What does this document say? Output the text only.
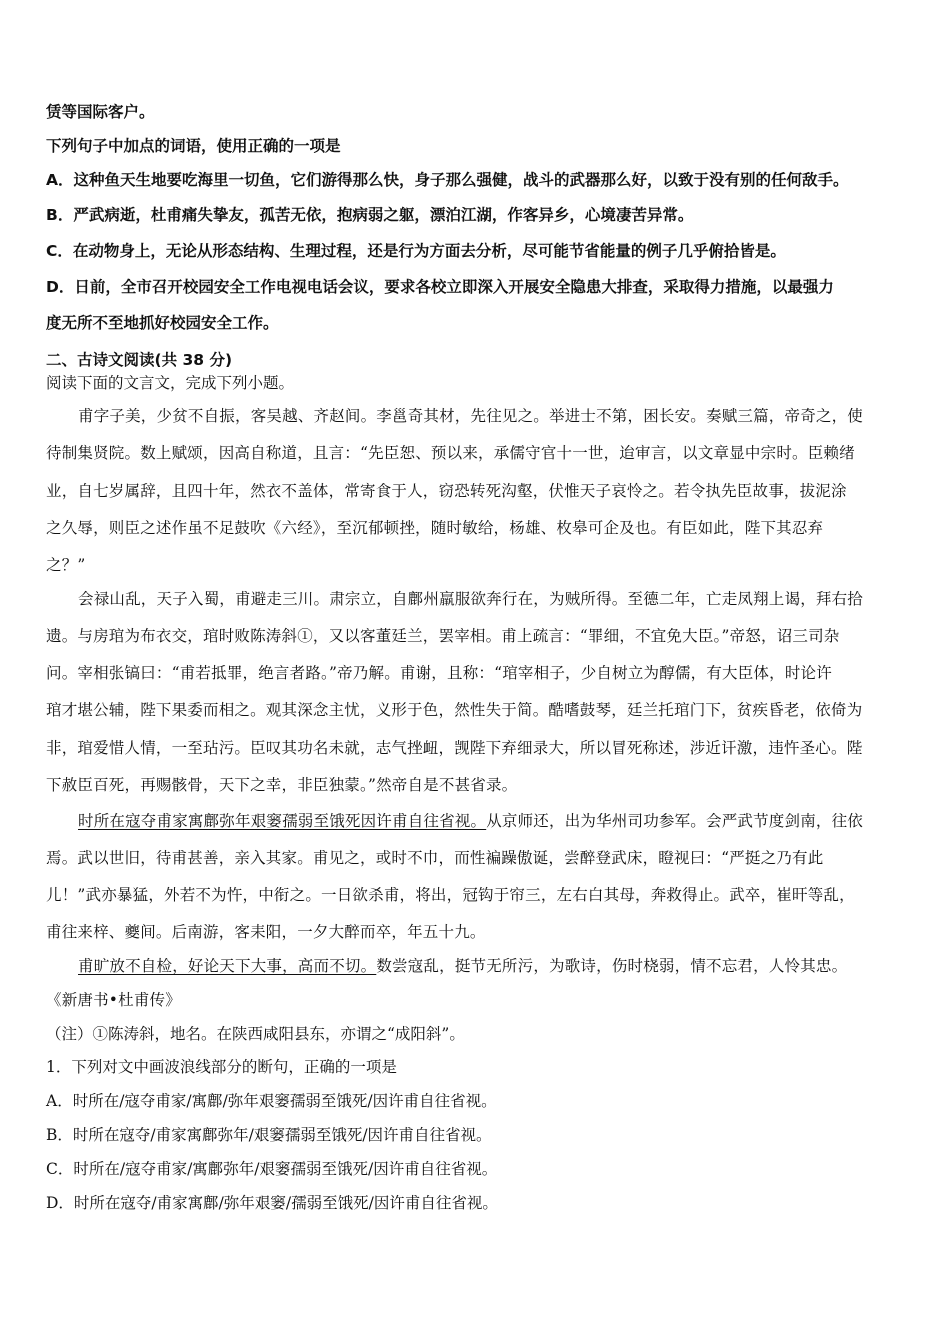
赁等国际客户。
下列句子中加点的词语，使用正确的一项是
A．这种鱼天生地要吃海里一切鱼，它们游得那么快，身子那么强健，战斗的武器那么好，以致于没有别的任何敌手。
B．严武病逝，杜甫痛失挚友，孤苦无依，抱病弱之躯，漂泊江湖，作客异乡，心境凄苦异常。
C．在动物身上，无论从形态结构、生理过程，还是行为方面去分析，尽可能节省能量的例子几乎俯拾皆是。
D．日前，全市召开校园安全工作电视电话会议，要求各校立即深入开展安全隐患大排查，采取得力措施，以最强力
度无所不至地抓好校园安全工作。
二、古诗文阅读(共 38 分)
阅读下面的文言文，完成下列小题。
甫字子美，少贫不自振，客吴越、齐赵间。李邕奇其材，先往见之。举进士不第，困长安。奏赋三篇，帝奇之，使
待制集贤院。数上赋颂，因高自称道，且言：“先臣恕、预以来，承儒守官十一世，迨审言，以文章显中宗时。臣赖绪
业，自七岁属辞，且四十年，然衣不盖体，常寄食于人，窃恐转死沟壑，伏惟天子哀怜之。若令执先臣故事，拔泥涂
之久辱，则臣之述作虽不足鼓吹《六经》，至沉郁顿挫，随时敏给，杨雄、枚皋可企及也。有臣如此，陛下其忍弃
之？”
会禄山乱，天子入蜀，甫避走三川。肃宗立，自鄜州羸服欲奔行在，为贼所得。至德二年，亡走凤翔上谒，拜右拾
遗。与房琯为布衣交，琯时败陈涛斜①，又以客董廷兰，罢宰相。甫上疏言：“罪细，不宜免大臣。”帝怒，诏三司杂
问。宰相张镐曰：“甫若抵罪，绝言者路。”帝乃解。甫谢，且称：“琯宰相子，少自树立为醇儒，有大臣体，时论许
琯才堪公辅，陛下果委而相之。观其深念主忧，义形于色，然性失于简。酷嗜鼓琴，廷兰托琯门下，贫疾昏老，依倚为
非，琯爱惜人情，一至玷污。臣叹其功名未就，志气挫衄，觊陛下弃细录大，所以冒死称述，涉近讦激，违忤圣心。陛
下赦臣百死，再赐骸骨，天下之幸，非臣独蒙。”然帝自是不甚省录。
时所在寇夺甫家寓鄜弥年艰窭孺弱至饿死因许甫自往省视。从京师还，出为华州司功参军。会严武节度剑南，往依
焉。武以世旧，待甫甚善，亲入其家。甫见之，或时不巾，而性褊躁傲诞，尝醉登武床，瞪视曰：“严挺之乃有此
儿！”武亦暴猛，外若不为忤，中衔之。一日欲杀甫，将出，冠钩于帘三，左右白其母，奔救得止。武卒，崔旰等乱，
甫往来梓、夔间。后南游，客耒阳，一夕大醉而卒，年五十九。
甫旷放不自检，好论天下大事，高而不切。数尝寇乱，挺节无所污，为歌诗，伤时桡弱，情不忘君，人怜其忠。
《新唐书•杜甫传》
（注）①陈涛斜，地名。在陕西咸阳县东，亦谓之“成阳斜”。
1．下列对文中画波浪线部分的断句，正确的一项是
A．时所在/寇夺甫家/寓鄜/弥年艰窭孺弱至饿死/因许甫自往省视。
B．时所在寇夺/甫家寓鄜弥年/艰窭孺弱至饿死/因许甫自往省视。
C．时所在/寇夺甫家/寓鄜弥年/艰窭孺弱至饿死/因许甫自往省视。
D．时所在寇夺/甫家寓鄜/弥年艰窭/孺弱至饿死/因许甫自往省视。
